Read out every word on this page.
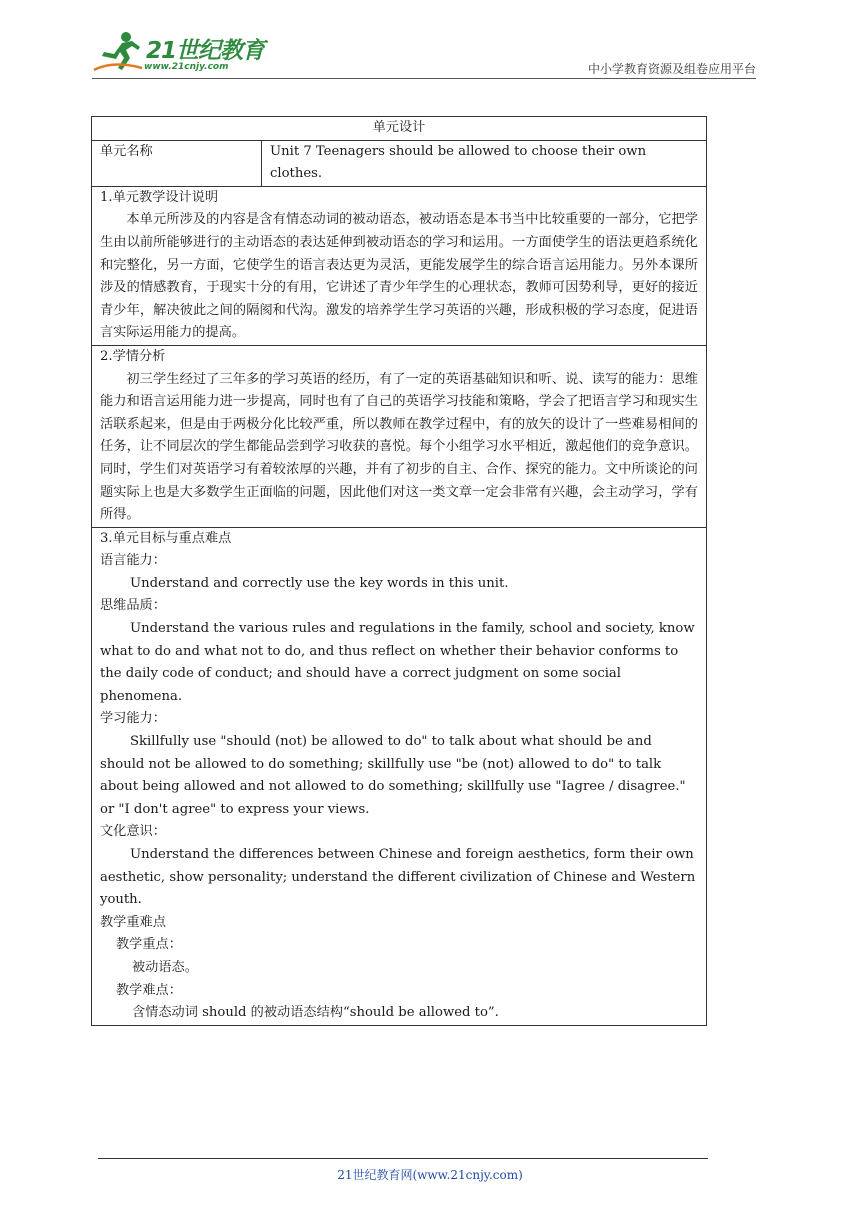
21世纪教育
www.21cnjy.com	中小学教育资源及组卷应用平台
单元设计
单元名称	Unit 7 Teenagers should be allowed to choose their own clothes.

1.单元教学设计说明

本单元所涉及的内容是含有情态动词的被动语态，被动语态是本书当中比较重要的一部分，它把学生由以前所能够进行的主动语态的表达延伸到被动语态的学习和运用。一方面使学生的语法更趋系统化和完整化，另一方面，它使学生的语言表达更为灵活，更能发展学生的综合语言运用能力。另外本课所涉及的情感教育，于现实十分的有用，它讲述了青少年学生的心理状态，教师可因势利导，更好的接近青少年，解决彼此之间的隔阂和代沟。激发的培养学生学习英语的兴趣，形成积极的学习态度，促进语言实际运用能力的提高。

2.学情分析

初三学生经过了三年多的学习英语的经历，有了一定的英语基础知识和听、说、读写的能力：思维能力和语言运用能力进一步提高，同时也有了自己的英语学习技能和策略，学会了把语言学习和现实生活联系起来，但是由于两极分化比较严重，所以教师在教学过程中，有的放矢的设计了一些难易相间的任务，让不同层次的学生都能品尝到学习收获的喜悦。每个小组学习水平相近，激起他们的竞争意识。同时，学生们对英语学习有着较浓厚的兴趣，并有了初步的自主、合作、探究的能力。文中所谈论的问题实际上也是大多数学生正面临的问题，因此他们对这一类文章一定会非常有兴趣，会主动学习，学有所得。

3.单元目标与重点难点
语言能力：

Understand and correctly use the key words in this unit.

思维品质：

Understand the various rules and regulations in the family, school and society, know what to do and what not to do, and thus reflect on whether their behavior conforms to the daily code of conduct; and should have a correct judgment on some social phenomena.

学习能力：

Skillfully use "should (not) be allowed to do" to talk about what should be and should not be allowed to do something; skillfully use "be (not) allowed to do" to talk about being allowed and not allowed to do something; skillfully use "Iagree / disagree." or "I don't agree" to express your views.

文化意识：

Understand the differences between Chinese and foreign aesthetics, form their own aesthetic, show personality; understand the different civilization of Chinese and Western youth.

教学重难点
教学重点：
被动语态。
教学难点：
含情态动词 should 的被动语态结构“should be allowed to”.
21世纪教育网(www.21cnjy.com)
